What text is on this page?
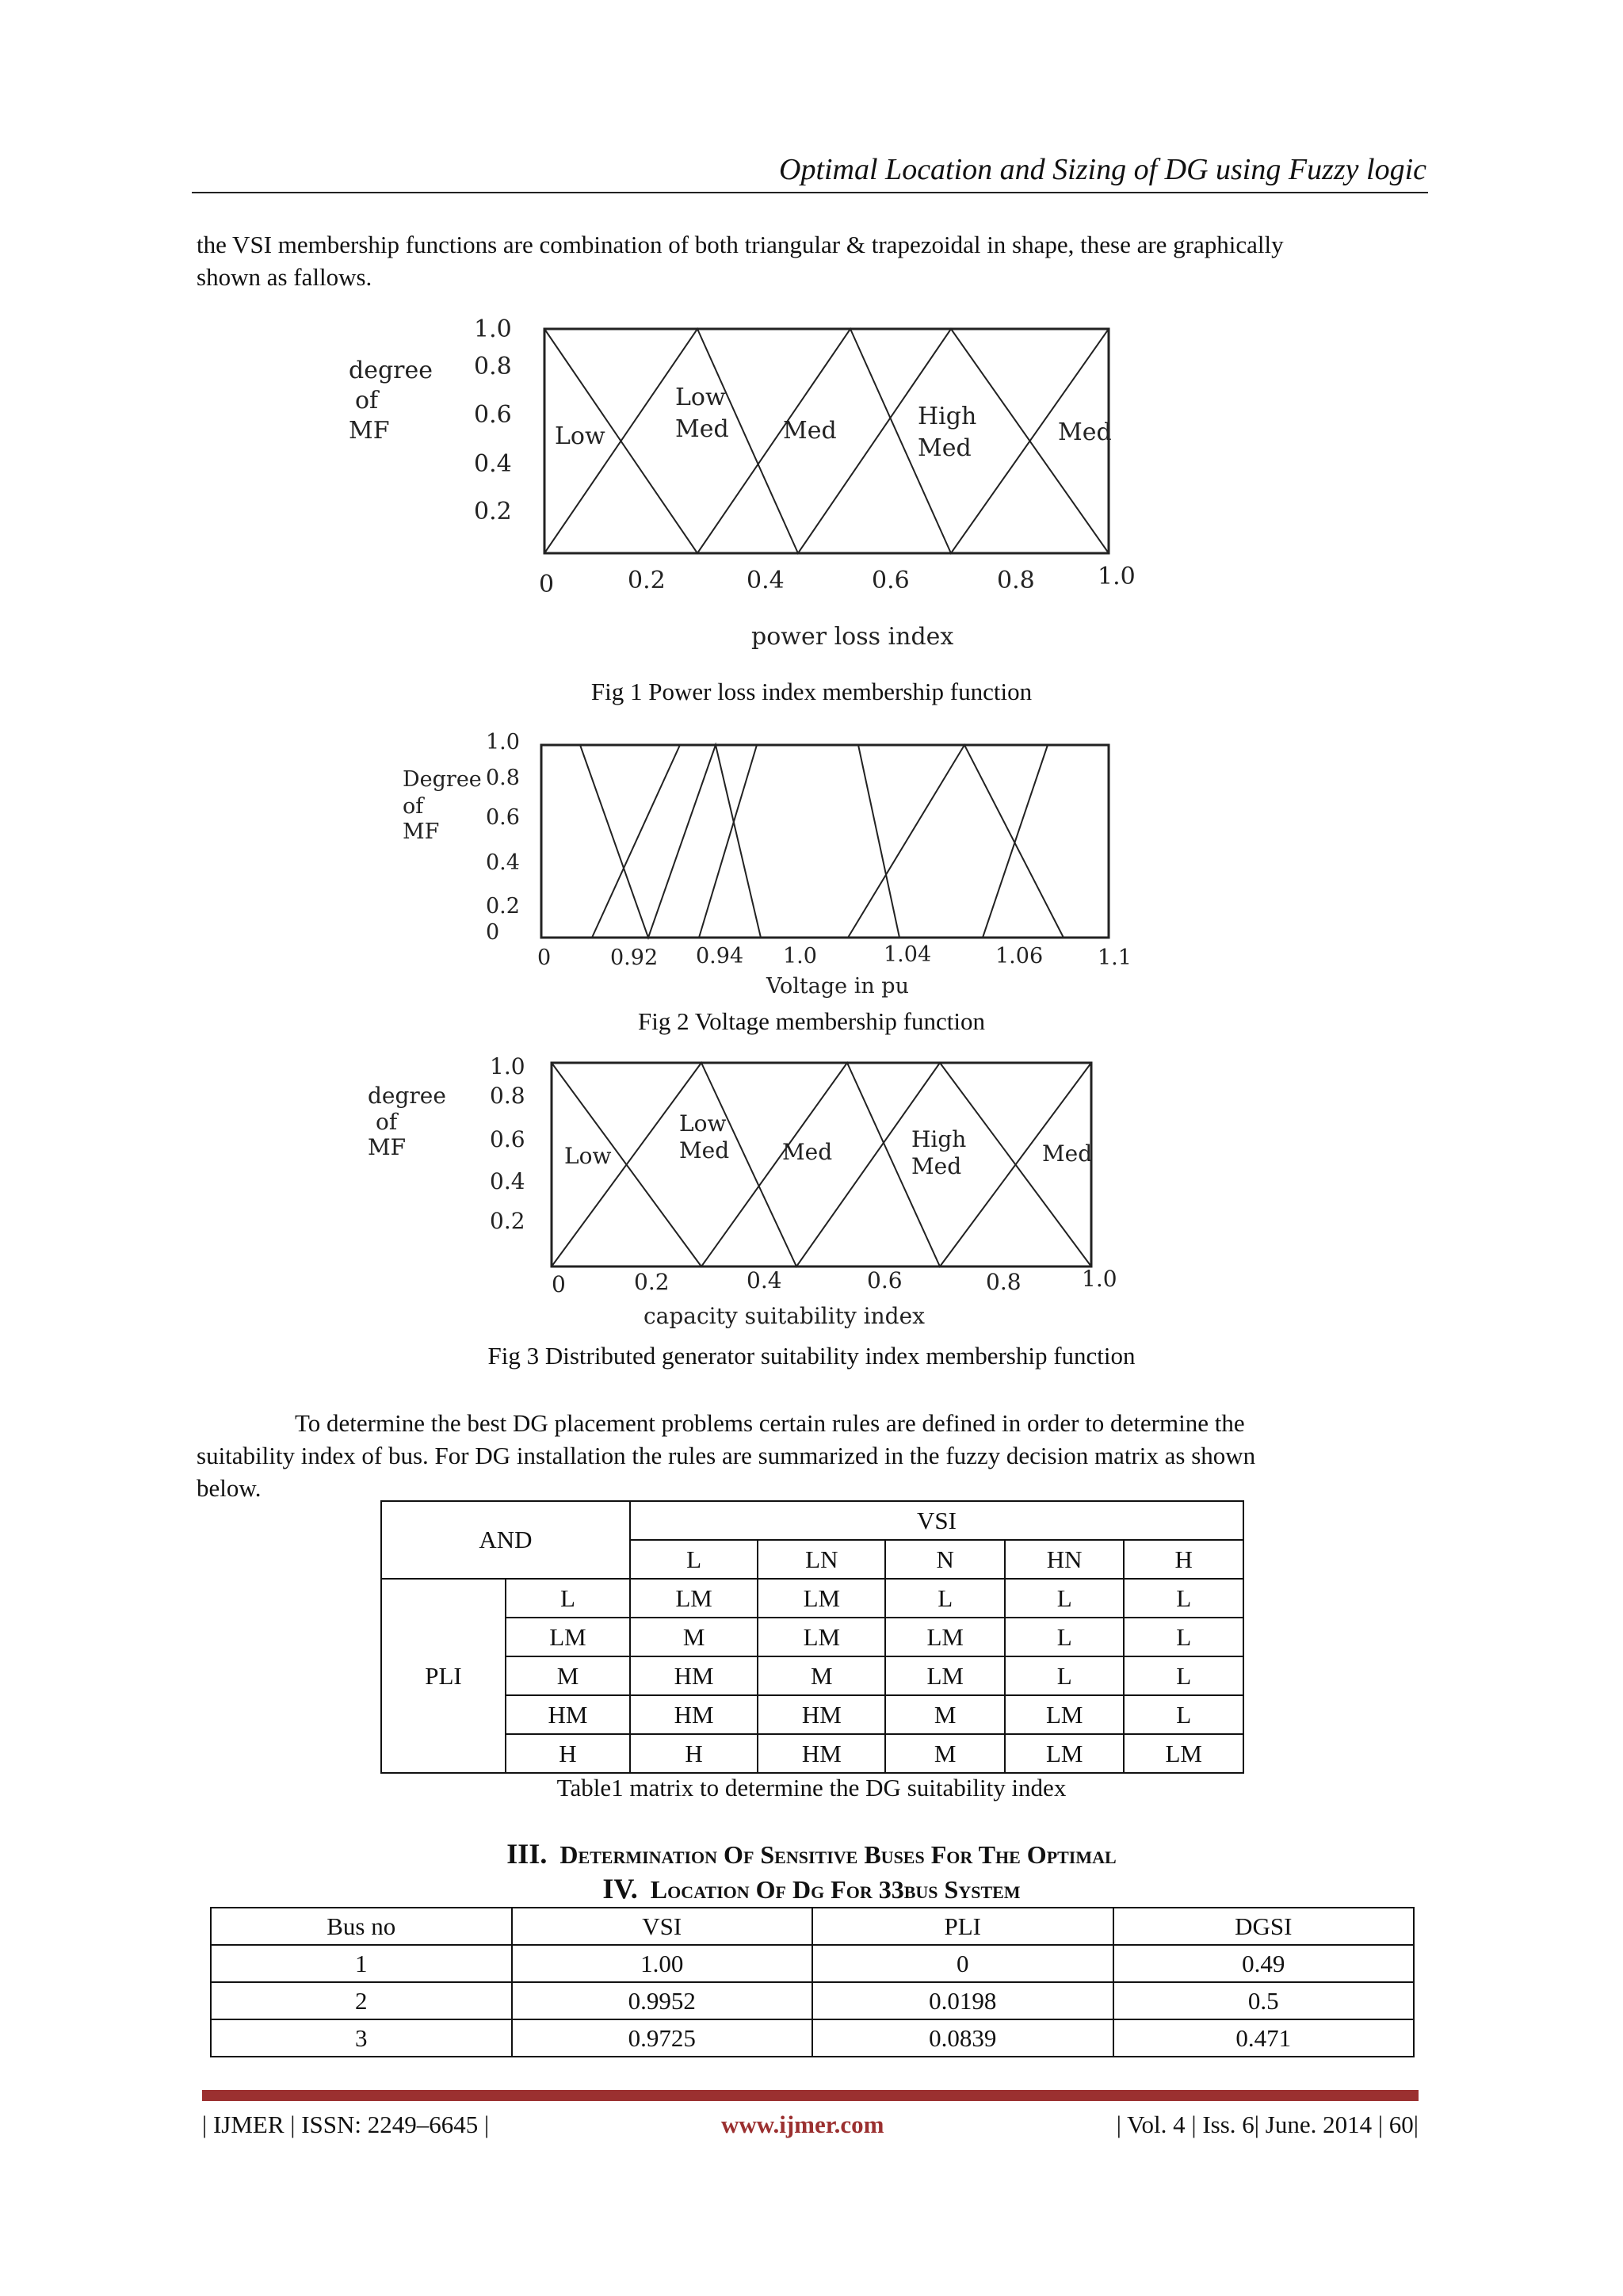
Optimal Location and Sizing of DG using Fuzzy logic
the VSI membership functions are combination of both triangular & trapezoidal in shape, these are graphically
shown as fallows.
degree
of
MF
1.0
0.8
0.6
0.4
0.2
Low
Low
Med Med
High
Med
Med
0	0.2	0.4	0.6	0.8	1.0
power loss index
Fig 1 Power loss index membership function
Degree
of
MF
1.0
0.8
0.6
0.4
0.2
0
0	0.92 0.94 1.0	1.04	1.06	1.1
Voltage in pu
Fig 2 Voltage membership function
degree
of
MF
1.0
0.8
0.6
0.4
0.2
Low
Low
Med Med	High
Med	Med
0	0.2	0.4	0.6	0.8	1.0
capacity suitability index
Fig 3 Distributed generator suitability index membership function
To determine the best DG placement problems certain rules are defined in order to determine the
suitability index of bus. For DG installation the rules are summarized in the fuzzy decision matrix as shown
below.
AND		VSI				
		L	LN	N	HN	H
PLI	L	LM	LM	L	L	L
	LM	M	LM	LM	L	L
	M	HM	M	LM	L	L
	HM	HM	HM	M	LM	L
	H	H	HM	M	LM	LM
Table1 matrix to determine the DG suitability index
III. Determination Of Sensitive Buses For The Optimal
IV. Location Of Dg For 33bus System
Bus no	VSI	PLI	DGSI
1	1.00	0	0.49
2	0.9952	0.0198	0.5
3	0.9725	0.0839	0.471
| IJMER | ISSN: 2249–6645 |	www.ijmer.com	| Vol. 4 | Iss. 6| June. 2014 | 60|
